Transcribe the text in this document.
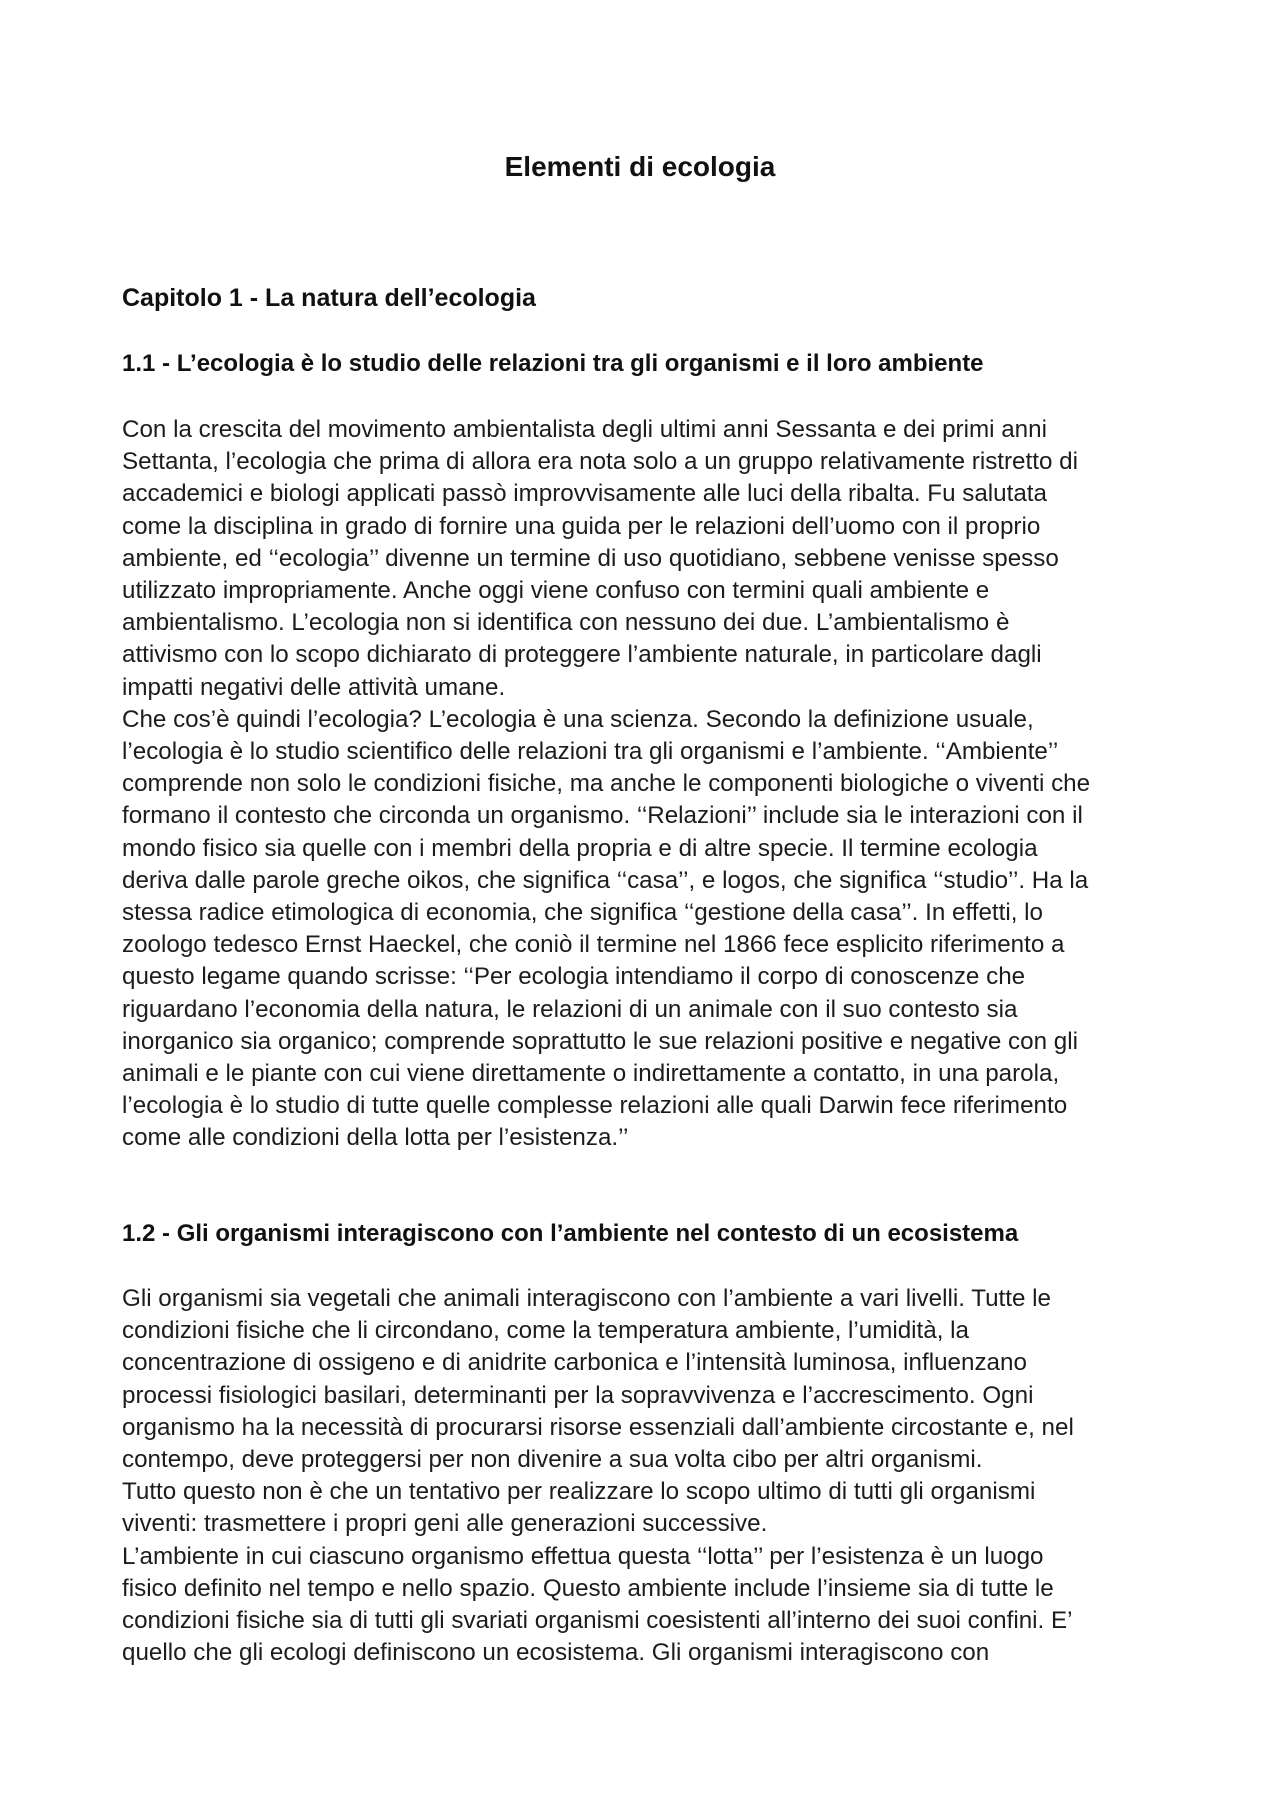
Elementi di ecologia
Capitolo 1 - La natura dell’ecologia
1.1 - L’ecologia è lo studio delle relazioni tra gli organismi e il loro ambiente
Con la crescita del movimento ambientalista degli ultimi anni Sessanta e dei primi anni
Settanta, l’ecologia che prima di allora era nota solo a un gruppo relativamente ristretto di
accademici e biologi applicati passò improvvisamente alle luci della ribalta. Fu salutata
come la disciplina in grado di fornire una guida per le relazioni dell’uomo con il proprio
ambiente, ed ‘‘ecologia’’ divenne un termine di uso quotidiano, sebbene venisse spesso
utilizzato impropriamente. Anche oggi viene confuso con termini quali ambiente e
ambientalismo. L’ecologia non si identifica con nessuno dei due. L’ambientalismo è
attivismo con lo scopo dichiarato di proteggere l’ambiente naturale, in particolare dagli
impatti negativi delle attività umane.
Che cos’è quindi l’ecologia? L’ecologia è una scienza. Secondo la definizione usuale,
l’ecologia è lo studio scientifico delle relazioni tra gli organismi e l’ambiente. ‘‘Ambiente’’
comprende non solo le condizioni fisiche, ma anche le componenti biologiche o viventi che
formano il contesto che circonda un organismo. ‘‘Relazioni’’ include sia le interazioni con il
mondo fisico sia quelle con i membri della propria e di altre specie. Il termine ecologia
deriva dalle parole greche oikos, che significa ‘‘casa’’, e logos, che significa ‘‘studio’’. Ha la
stessa radice etimologica di economia, che significa ‘‘gestione della casa’’. In effetti, lo
zoologo tedesco Ernst Haeckel, che coniò il termine nel 1866 fece esplicito riferimento a
questo legame quando scrisse: ‘‘Per ecologia intendiamo il corpo di conoscenze che
riguardano l’economia della natura, le relazioni di un animale con il suo contesto sia
inorganico sia organico; comprende soprattutto le sue relazioni positive e negative con gli
animali e le piante con cui viene direttamente o indirettamente a contatto, in una parola,
l’ecologia è lo studio di tutte quelle complesse relazioni alle quali Darwin fece riferimento
come alle condizioni della lotta per l’esistenza.’’
1.2 - Gli organismi interagiscono con l’ambiente nel contesto di un ecosistema
Gli organismi sia vegetali che animali interagiscono con l’ambiente a vari livelli. Tutte le
condizioni fisiche che li circondano, come la temperatura ambiente, l’umidità, la
concentrazione di ossigeno e di anidrite carbonica e l’intensità luminosa, influenzano
processi fisiologici basilari, determinanti per la sopravvivenza e l’accrescimento. Ogni
organismo ha la necessità di procurarsi risorse essenziali dall’ambiente circostante e, nel
contempo, deve proteggersi per non divenire a sua volta cibo per altri organismi.
Tutto questo non è che un tentativo per realizzare lo scopo ultimo di tutti gli organismi
viventi: trasmettere i propri geni alle generazioni successive.
L’ambiente in cui ciascuno organismo effettua questa ‘‘lotta’’ per l’esistenza è un luogo
fisico definito nel tempo e nello spazio. Questo ambiente include l’insieme sia di tutte le
condizioni fisiche sia di tutti gli svariati organismi coesistenti all’interno dei suoi confini. E’
quello che gli ecologi definiscono un ecosistema. Gli organismi interagiscono con
